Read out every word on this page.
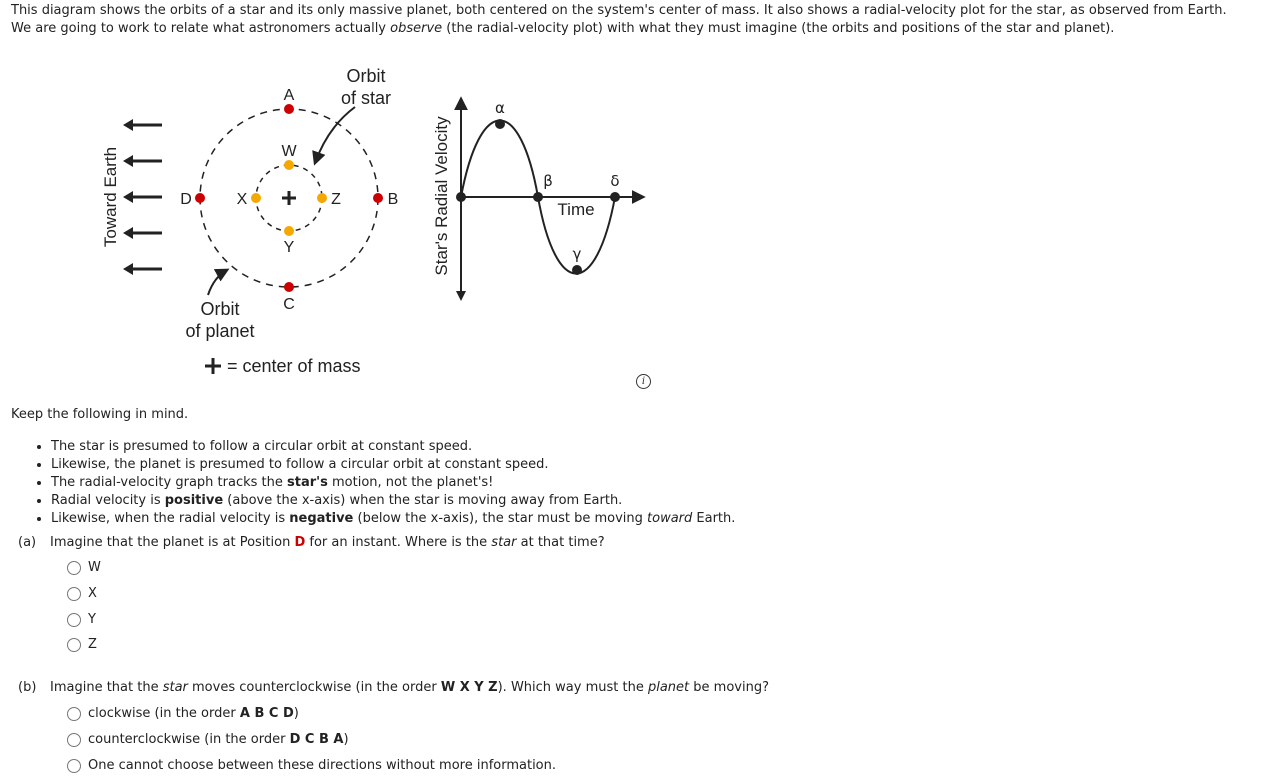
This diagram shows the orbits of a star and its only massive planet, both centered on the system's center of mass. It also shows a radial-velocity plot for the star, as observed from Earth.
We are going to work to relate what astronomers actually observe (the radial-velocity plot) with what they must imagine (the orbits and positions of the star and planet).
Toward Earth
A
B
C
D
W
X
Y
Z
Orbit
of star
Orbit
of planet
= center of mass
Star's Radial Velocity
α
β
γ
δ
Time
i
Keep the following in mind.
• The star is presumed to follow a circular orbit at constant speed.
• Likewise, the planet is presumed to follow a circular orbit at constant speed.
• The radial-velocity graph tracks the star's motion, not the planet's!
• Radial velocity is positive (above the x-axis) when the star is moving away from Earth.
• Likewise, when the radial velocity is negative (below the x-axis), the star must be moving toward Earth.
(a) Imagine that the planet is at Position D for an instant. Where is the star at that time?
W
X
Y
Z
(b) Imagine that the star moves counterclockwise (in the order W X Y Z). Which way must the planet be moving?
clockwise (in the order A B C D)
counterclockwise (in the order D C B A)
One cannot choose between these directions without more information.
